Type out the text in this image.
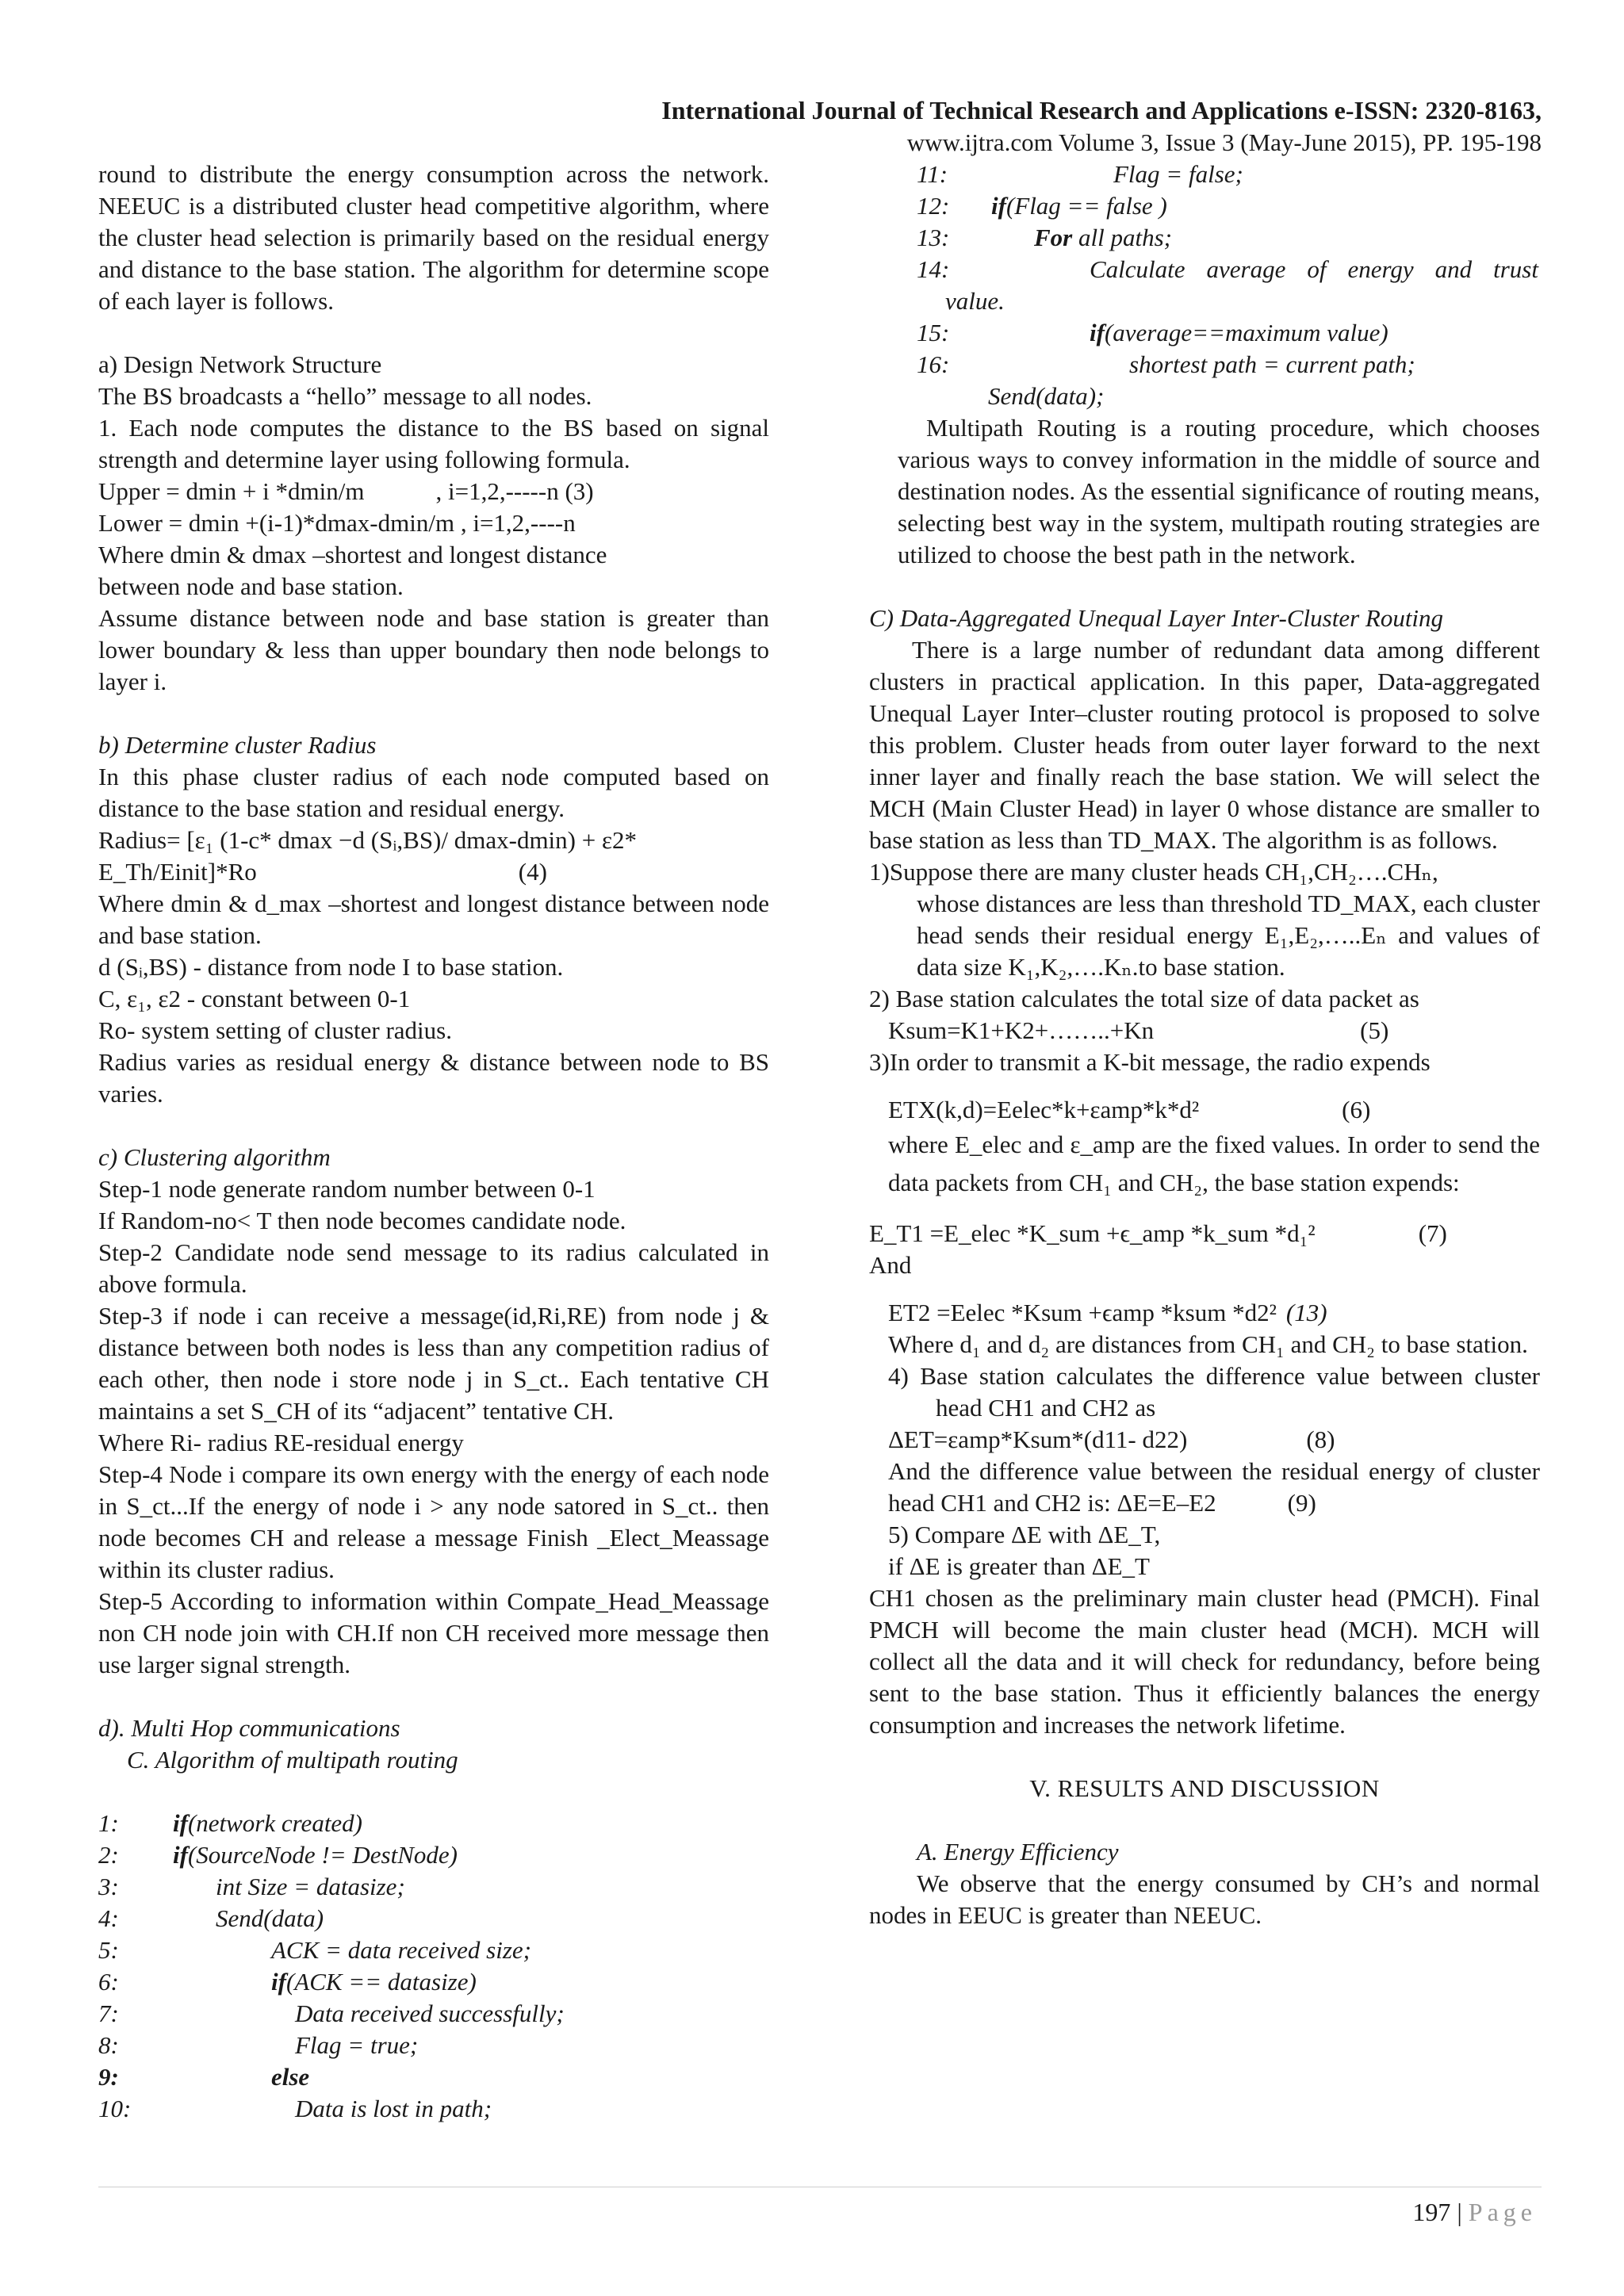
International Journal of Technical Research and Applications e-ISSN: 2320-8163,
www.ijtra.com Volume 3, Issue 3 (May-June 2015), PP. 195-198

round to distribute the energy consumption across the network. NEEUC is a distributed cluster head competitive algorithm, where the cluster head selection is primarily based on the residual energy and distance to the base station. The algorithm for determine scope of each layer is follows.

a) Design Network Structure
The BS broadcasts a “hello” message to all nodes.

1. Each node computes the distance to the BS based on signal strength and determine layer using following formula.

Upper = dmin + i *dmin/m	, i=1,2,-----n (3)
Lower = dmin +(i-1)*dmax-dmin/m , i=1,2,----n
Where dmin & dmax –shortest and longest distance
between node and base station.

Assume distance between node and base station is greater than lower boundary & less than upper boundary then node belongs to layer i.

b) Determine cluster Radius

In this phase cluster radius of each node computed based on distance to the base station and residual energy.

Radius= [ε₁ (1-c* dmax −d (Sᵢ,BS)/ dmax-dmin) + ε2*
E_Th/Einit]*Ro	(4)

Where dmin & d_max –shortest and longest distance between node and base station.

d (Sᵢ,BS) - distance from node I to base station.
C, ε₁, ε2 - constant between 0-1
Ro- system setting of cluster radius.

Radius varies as residual energy & distance between node to BS varies.

c) Clustering algorithm
Step-1 node generate random number between 0-1
If Random-no< T then node becomes candidate node.

Step-2 Candidate node send message to its radius calculated in above formula.

Step-3 if node i can receive a message(id,Ri,RE) from node j & distance between both nodes is less than any competition radius of each other, then node i store node j in S_ct.. Each tentative CH maintains a set S_CH of its “adjacent” tentative CH.

Where Ri- radius RE-residual energy

Step-4 Node i compare its own energy with the energy of each node in S_ct...If the energy of node i > any node satored in S_ct.. then node becomes CH and release a message Finish _Elect_Meassage within its cluster radius.

Step-5 According to information within Compate_Head_Meassage non CH node join with CH.If non CH received more message then use larger signal strength.

d). Multi Hop communications
C. Algorithm of multipath routing
1:	if(network created)
2:	if(SourceNode != DestNode)
3:	int Size = datasize;
4:	Send(data)
5:	ACK = data received size;
6:	if(ACK == datasize)
7:	Data received successfully;
8:	Flag = true;
9:	else
10:	Data is lost in path;
11:	Flag = false;
12:	if(Flag == false )
13:	For all paths;
14:	Calculate average of energy and trust
value.
15:	if(average==maximum value)
16:	shortest path = current path;
Send(data);

Multipath Routing is a routing procedure, which chooses various ways to convey information in the middle of source and destination nodes. As the essential significance of routing means, selecting best way in the system, multipath routing strategies are utilized to choose the best path in the network.

C) Data-Aggregated Unequal Layer Inter-Cluster Routing

There is a large number of redundant data among different clusters in practical application. In this paper, Data-aggregated Unequal Layer Inter–cluster routing protocol is proposed to solve this problem. Cluster heads from outer layer forward to the next inner layer and finally reach the base station. We will select the MCH (Main Cluster Head) in layer 0 whose distance are smaller to base station as less than TD_MAX. The algorithm is as follows.

1)Suppose there are many cluster heads CH₁,CH₂….CHₙ,

whose distances are less than threshold TD_MAX, each cluster head sends their residual energy E₁,E₂,…..Eₙ and values of data size K₁,K₂,….Kₙ.to base station.

2) Base station calculates the total size of data packet as
Ksum=K1+K2+……..+Kn	(5)
3)In order to transmit a K-bit message, the radio expends
ETX(k,d)=Eelec*k+εamp*k*d²	(6)

where E_elec and ε_amp are the fixed values. In order to send the data packets from CH₁ and CH₂, the base station expends:

E_T1 =E_elec *K_sum +ϵ_amp *k_sum *d₁²	(7)
And
ET2 =Eelec *Ksum +ϵamp *ksum *d2² (13)

Where d₁ and d₂ are distances from CH₁ and CH₂ to base station.

4) Base station calculates the difference value between cluster head CH1 and CH2 as

ΔET=εamp*Ksum*(d11- d22)	(8)

And the difference value between the residual energy of cluster head CH1 and CH2 is: ΔE=E–E2	(9)

5) Compare ΔE with ΔE_T,
if ΔE is greater than ΔE_T

CH1 chosen as the preliminary main cluster head (PMCH). Final PMCH will become the main cluster head (MCH). MCH will collect all the data and it will check for redundancy, before being sent to the base station. Thus it efficiently balances the energy consumption and increases the network lifetime.

V. RESULTS AND DISCUSSION
A. Energy Efficiency

We observe that the energy consumed by CH’s and normal nodes in EEUC is greater than NEEUC.

197 | Page
